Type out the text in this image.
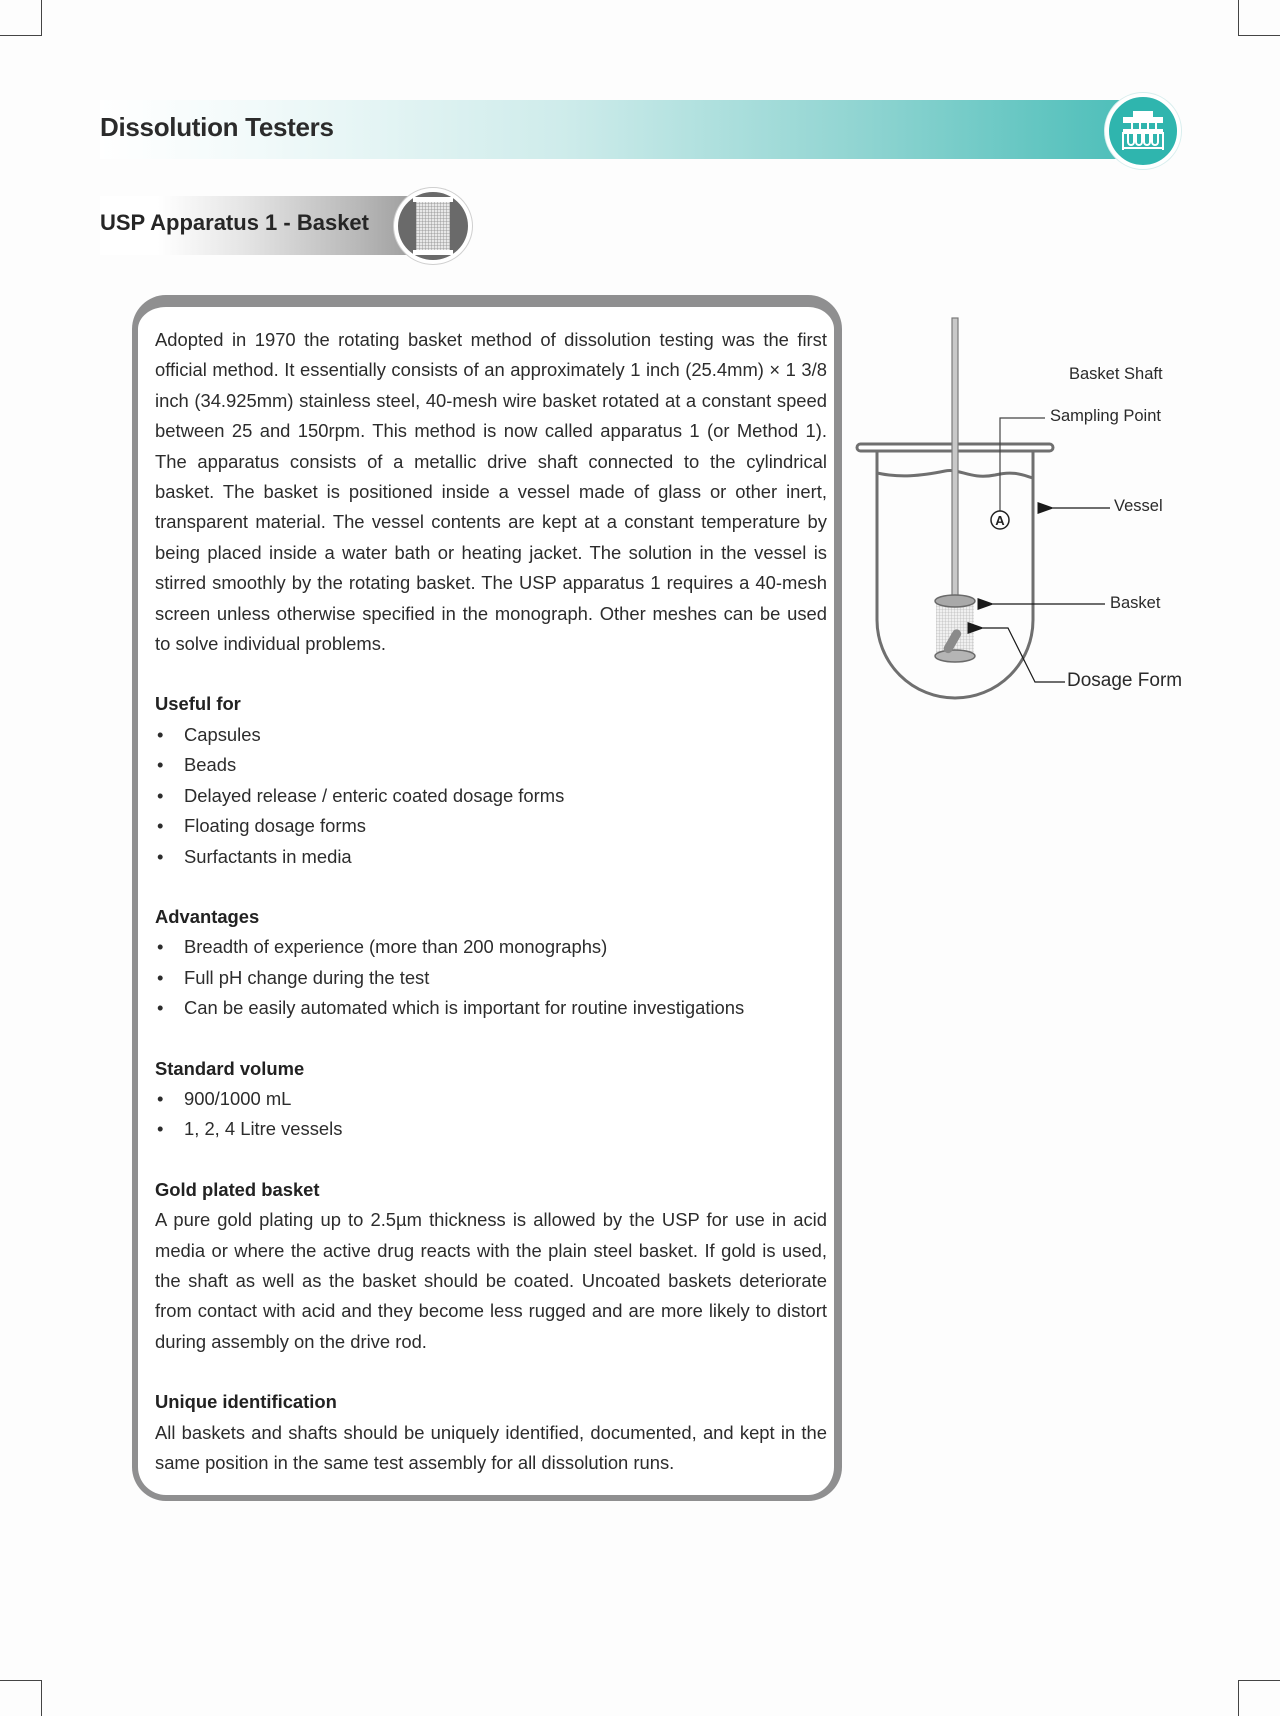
Dissolution Testers
USP Apparatus 1 - Basket

Adopted in 1970 the rotating basket method of dissolution testing was the first official method. It essentially consists of an approximately 1 inch (25.4mm) × 1 3/8 inch (34.925mm) stainless steel, 40-mesh wire basket rotated at a constant speed between 25 and 150rpm. This method is now called apparatus 1 (or Method 1). The apparatus consists of a metallic drive shaft connected to the cylindrical basket. The basket is positioned inside a vessel made of glass or other inert, transparent material. The vessel contents are kept at a constant temperature by being placed inside a water bath or heating jacket. The solution in the vessel is stirred smoothly by the rotating basket. The USP apparatus 1 requires a 40-mesh screen unless otherwise specified in the monograph. Other meshes can be used to solve individual problems.

Useful for
• Capsules
• Beads
• Delayed release / enteric coated dosage forms
• Floating dosage forms
• Surfactants in media
Advantages
• Breadth of experience (more than 200 monographs)
• Full pH change during the test
• Can be easily automated which is important for routine investigations
Standard volume
• 900/1000 mL
• 1, 2, 4 Litre vessels
Gold plated basket

A pure gold plating up to 2.5µm thickness is allowed by the USP for use in acid media or where the active drug reacts with the plain steel basket. If gold is used, the shaft as well as the basket should be coated. Uncoated baskets deteriorate from contact with acid and they become less rugged and are more likely to distort during assembly on the drive rod.

Unique identification

All baskets and shafts should be uniquely identified, documented, and kept in the same position in the same test assembly for all dissolution runs.

A
Basket Shaft
Sampling Point
Vessel
Basket
Dosage Form
